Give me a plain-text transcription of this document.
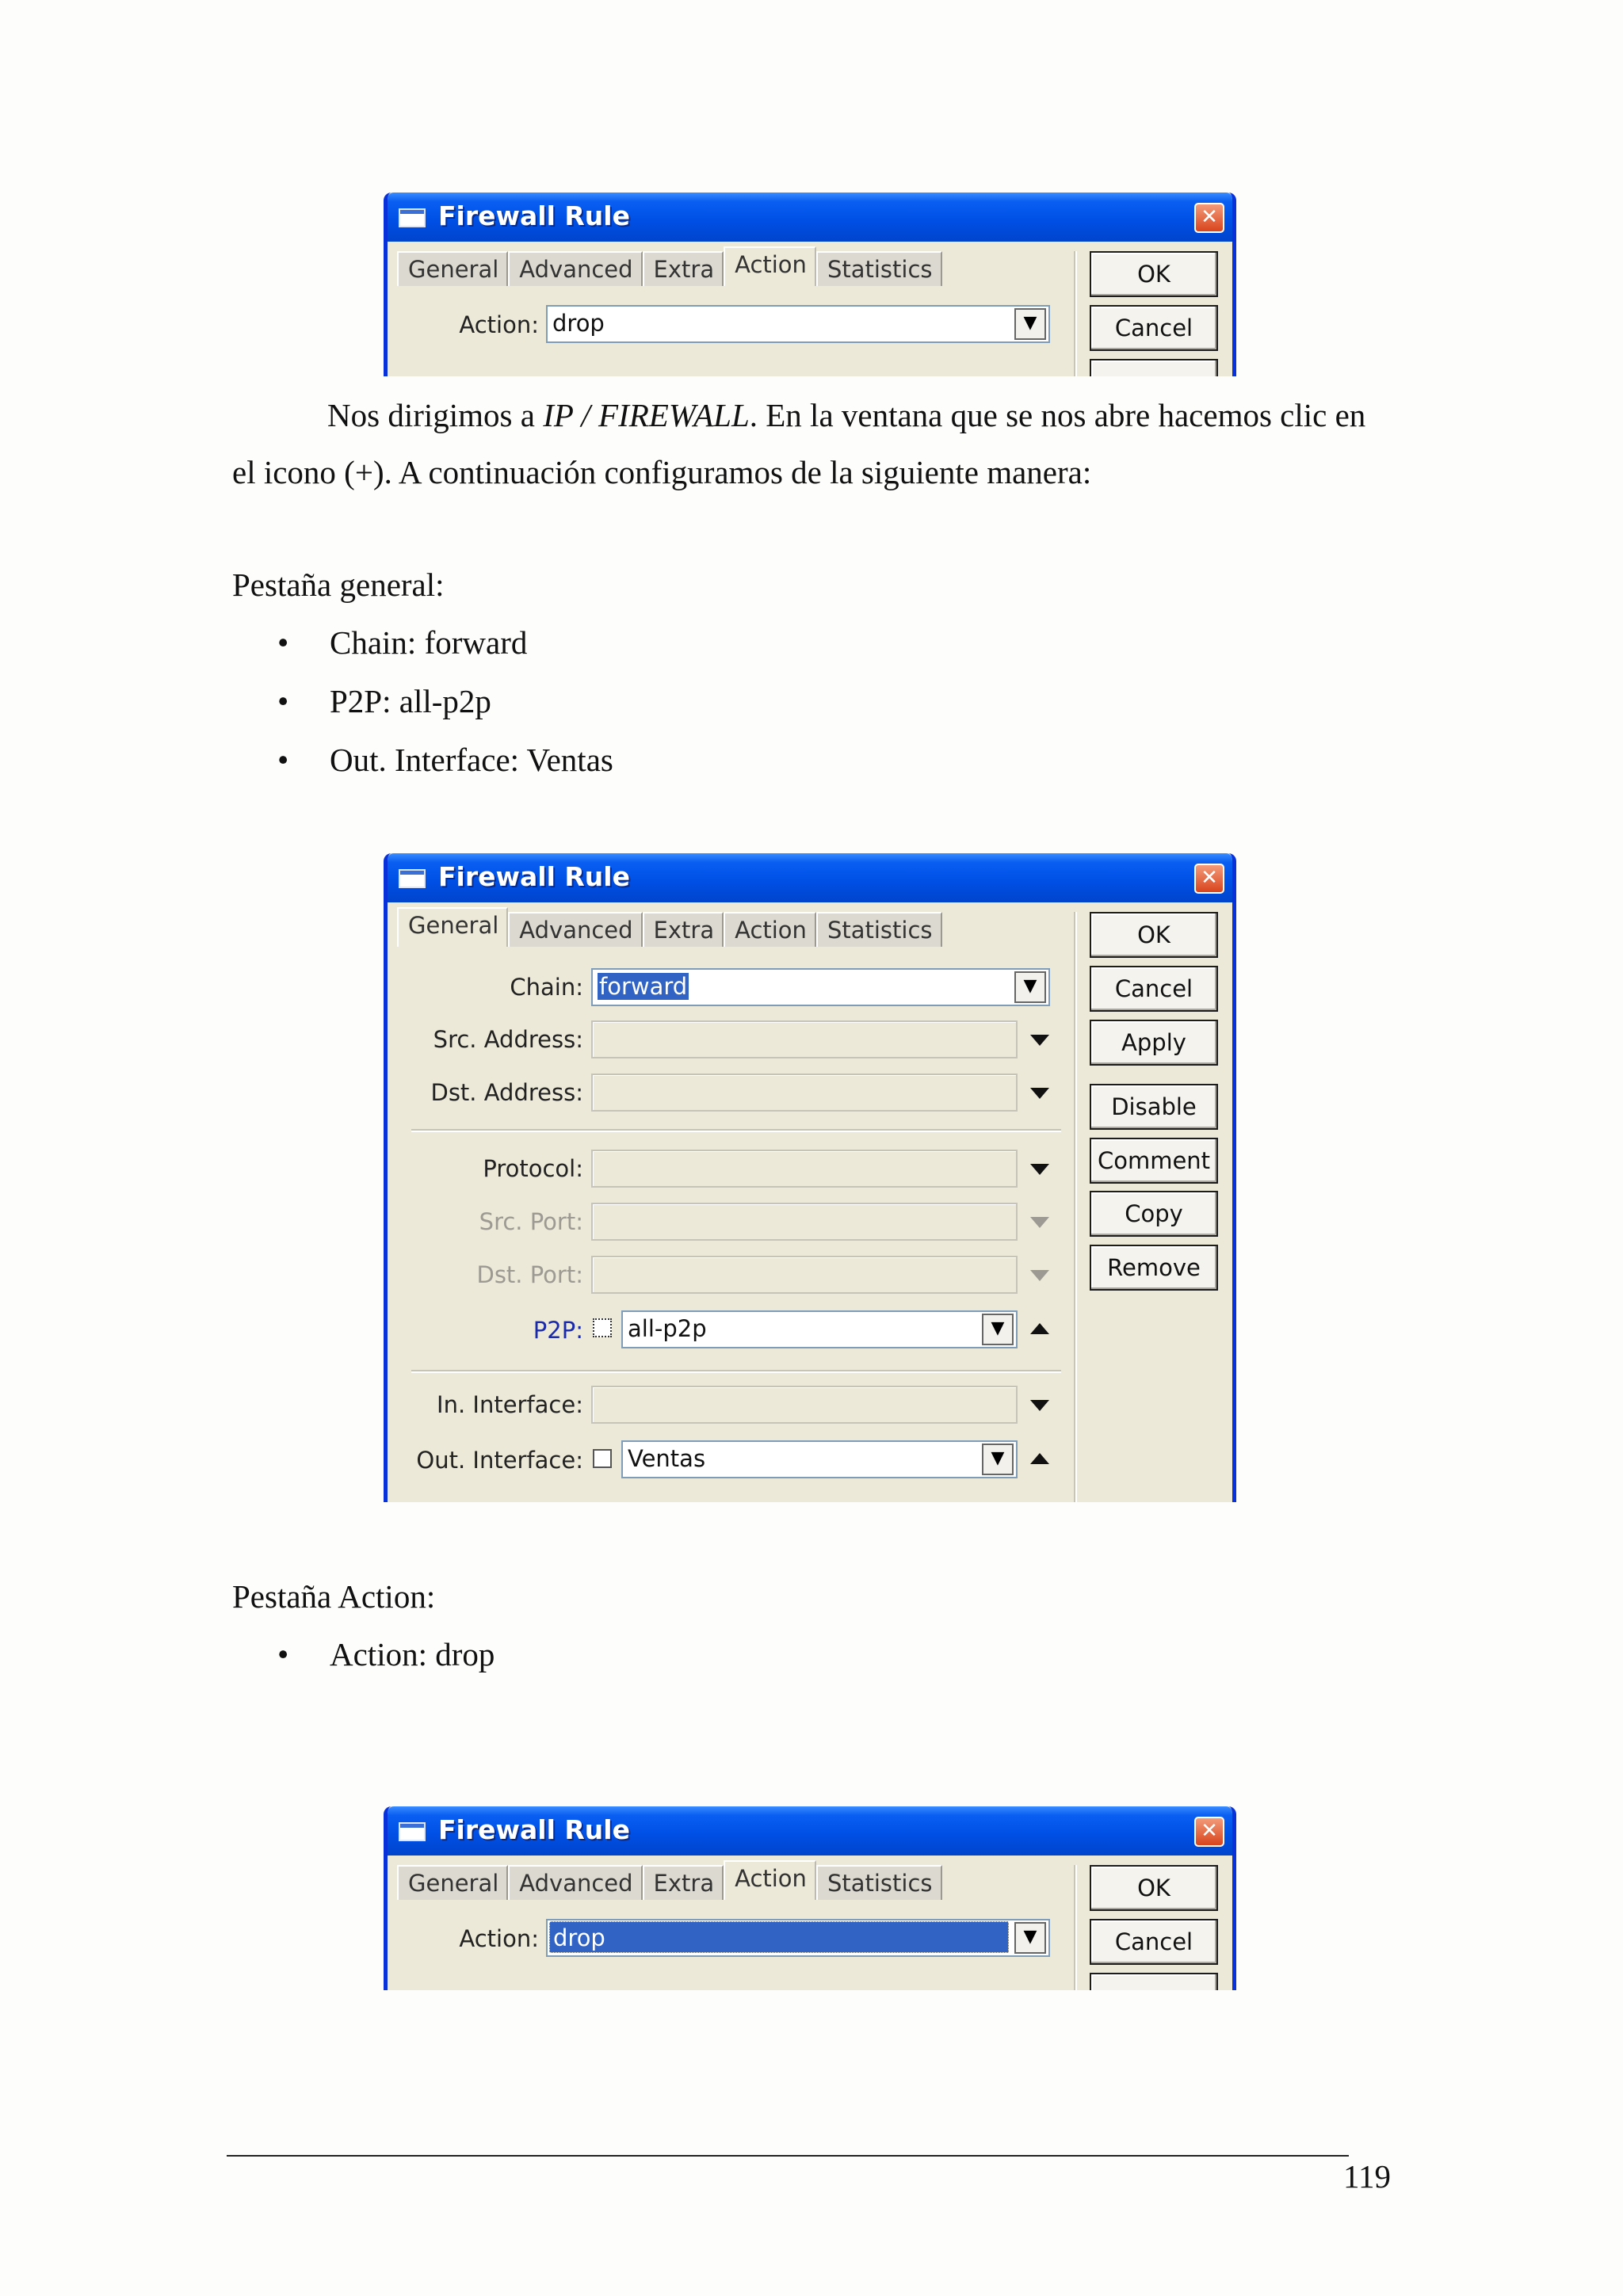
Firewall Rule	✕
General Advanced Extra Action Statistics
Action: drop	▼
OK
Cancel

Nos dirigimos a IP / FIREWALL. En la ventana que se nos abre hacemos clic en el icono (+). A continuación configuramos de la siguiente manera:

Pestaña general:

• Chain: forward
• P2P: all-p2p
• Out. Interface: Ventas
Firewall Rule	✕
General Advanced Extra Action Statistics
Chain: forward	▼
Src. Address:
Dst. Address:
Protocol:
Src. Port:
Dst. Port:
P2P: all-p2p	▼
In. Interface:
Out. Interface: Ventas	▼
OK
Cancel
Apply
Disable
Comment
Copy
Remove

Pestaña Action:

• Action: drop
Firewall Rule	✕
General Advanced Extra Action Statistics
Action: drop	▼
OK
Cancel
119
